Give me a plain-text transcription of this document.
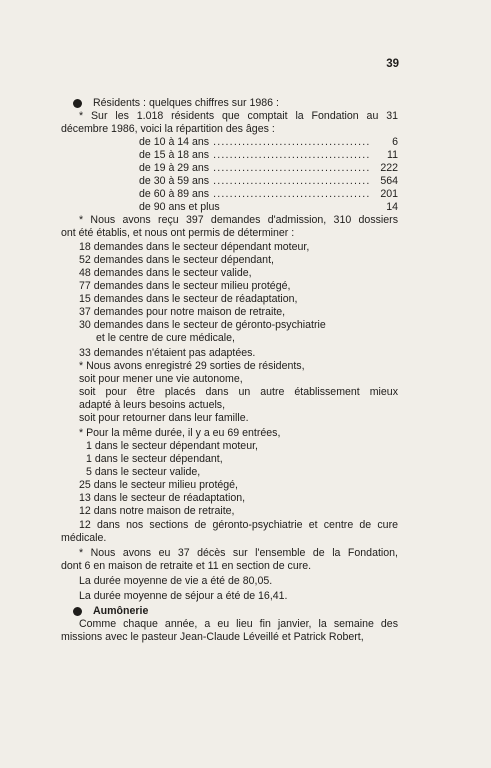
39
Résidents : quelques chiffres sur 1986 :
* Sur les 1.018 résidents que comptait la Fondation au 31
décembre 1986, voici la répartition des âges :
de 10 à 14 ans .....	6
de 15 à 18 ans .....	11
de 19 à 29 ans .....	222
de 30 à 59 ans .....	564
de 60 à 89 ans .....	201
de 90 ans et plus	14
* Nous avons reçu 397 demandes d'admission, 310 dossiers
ont été établis, et nous ont permis de déterminer :
18 demandes dans le secteur dépendant moteur,
52 demandes dans le secteur dépendant,
48 demandes dans le secteur valide,
77 demandes dans le secteur milieu protégé,
15 demandes dans le secteur de réadaptation,
37 demandes pour notre maison de retraite,
30 demandes dans le secteur de géronto-psychiatrie
et le centre de cure médicale,
33 demandes n'étaient pas adaptées.
* Nous avons enregistré 29 sorties de résidents,
soit pour mener une vie autonome,
soit pour être placés dans un autre établissement mieux
adapté à leurs besoins actuels,
soit pour retourner dans leur famille.
* Pour la même durée, il y a eu 69 entrées,
1 dans le secteur dépendant moteur,
1 dans le secteur dépendant,
5 dans le secteur valide,
25 dans le secteur milieu protégé,
13 dans le secteur de réadaptation,
12 dans notre maison de retraite,
12 dans nos sections de géronto-psychiatrie et centre de cure
médicale.
* Nous avons eu 37 décès sur l'ensemble de la Fondation,
dont 6 en maison de retraite et 11 en section de cure.
La durée moyenne de vie a été de 80,05.
La durée moyenne de séjour a été de 16,41.
Aumônerie
Comme chaque année, a eu lieu fin janvier, la semaine des
missions avec le pasteur Jean-Claude Léveillé et Patrick Robert,
